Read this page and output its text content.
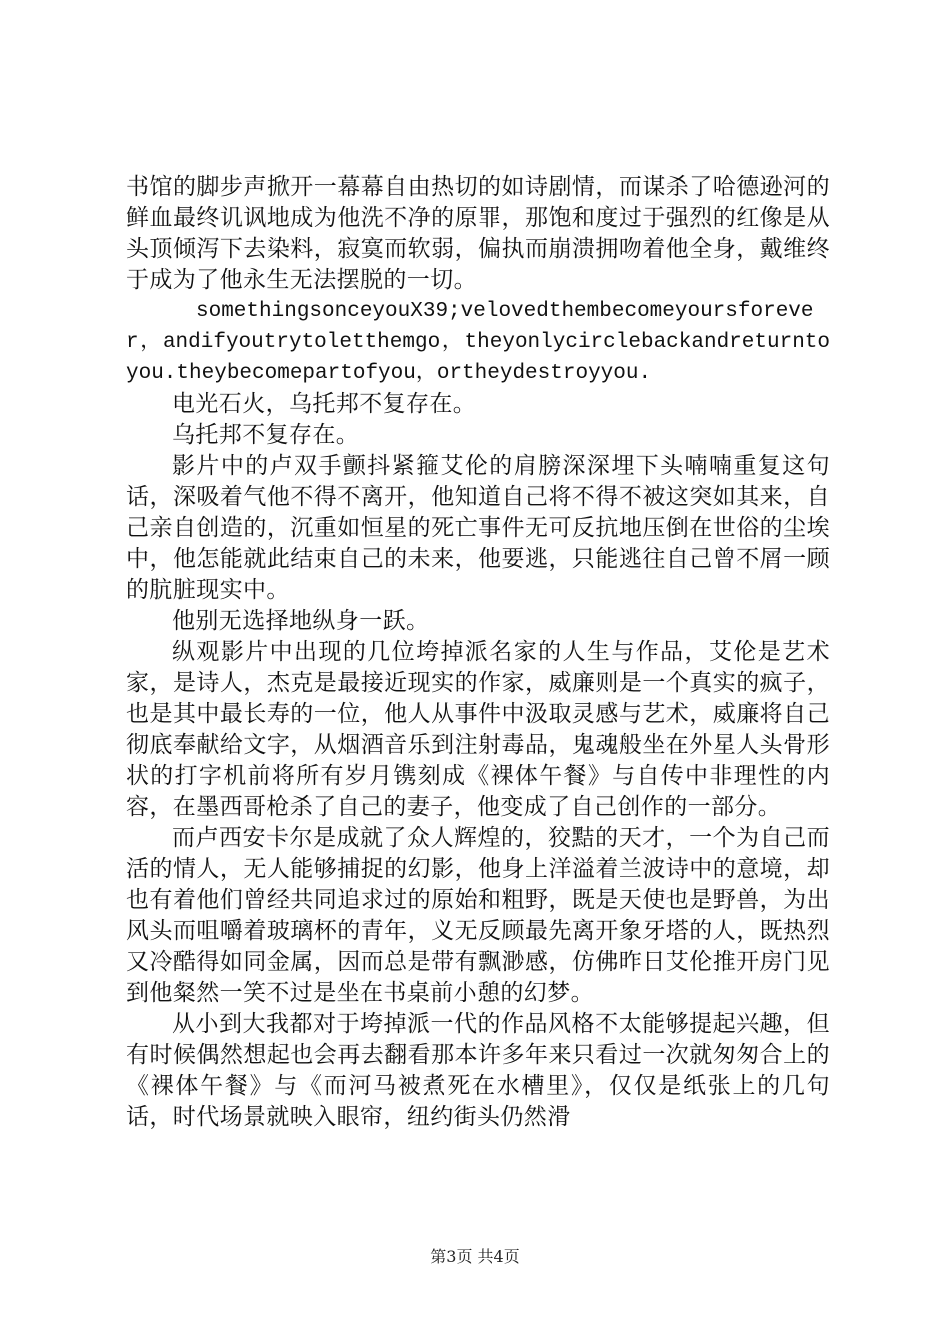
书馆的脚步声掀开一幕幕自由热切的如诗剧情，而谋杀了哈德逊河的鲜血最终讥讽地成为他洗不净的原罪，那饱和度过于强烈的红像是从头顶倾泻下去染料，寂寞而软弱，偏执而崩溃拥吻着他全身，戴维终于成为了他永生无法摆脱的一切。

somethingsonceyouX39;velovedthembecomeyoursforever，andifyoutrytoletthemgo，theyonlycirclebackandreturntoyou.theybecomepartofyou，ortheydestroyyou.

电光石火，乌托邦不复存在。

乌托邦不复存在。

影片中的卢双手颤抖紧箍艾伦的肩膀深深埋下头喃喃重复这句话，深吸着气他不得不离开，他知道自己将不得不被这突如其来，自己亲自创造的，沉重如恒星的死亡事件无可反抗地压倒在世俗的尘埃中，他怎能就此结束自己的未来，他要逃，只能逃往自己曾不屑一顾的肮脏现实中。

他别无选择地纵身一跃。

纵观影片中出现的几位垮掉派名家的人生与作品，艾伦是艺术家，是诗人，杰克是最接近现实的作家，威廉则是一个真实的疯子，也是其中最长寿的一位，他人从事件中汲取灵感与艺术，威廉将自己彻底奉献给文字，从烟酒音乐到注射毒品，鬼魂般坐在外星人头骨形状的打字机前将所有岁月镌刻成《裸体午餐》与自传中非理性的内容，在墨西哥枪杀了自己的妻子，他变成了自己创作的一部分。

而卢西安卡尔是成就了众人辉煌的，狡黠的天才，一个为自己而活的情人，无人能够捕捉的幻影，他身上洋溢着兰波诗中的意境，却也有着他们曾经共同追求过的原始和粗野，既是天使也是野兽，为出风头而咀嚼着玻璃杯的青年，义无反顾最先离开象牙塔的人，既热烈又冷酷得如同金属，因而总是带有飘渺感，仿佛昨日艾伦推开房门见到他粲然一笑不过是坐在书桌前小憩的幻梦。

从小到大我都对于垮掉派一代的作品风格不太能够提起兴趣，但有时候偶然想起也会再去翻看那本许多年来只看过一次就匆匆合上的《裸体午餐》与《而河马被煮死在水槽里》，仅仅是纸张上的几句话，时代场景就映入眼帘，纽约街头仍然滑

第3页 共4页
